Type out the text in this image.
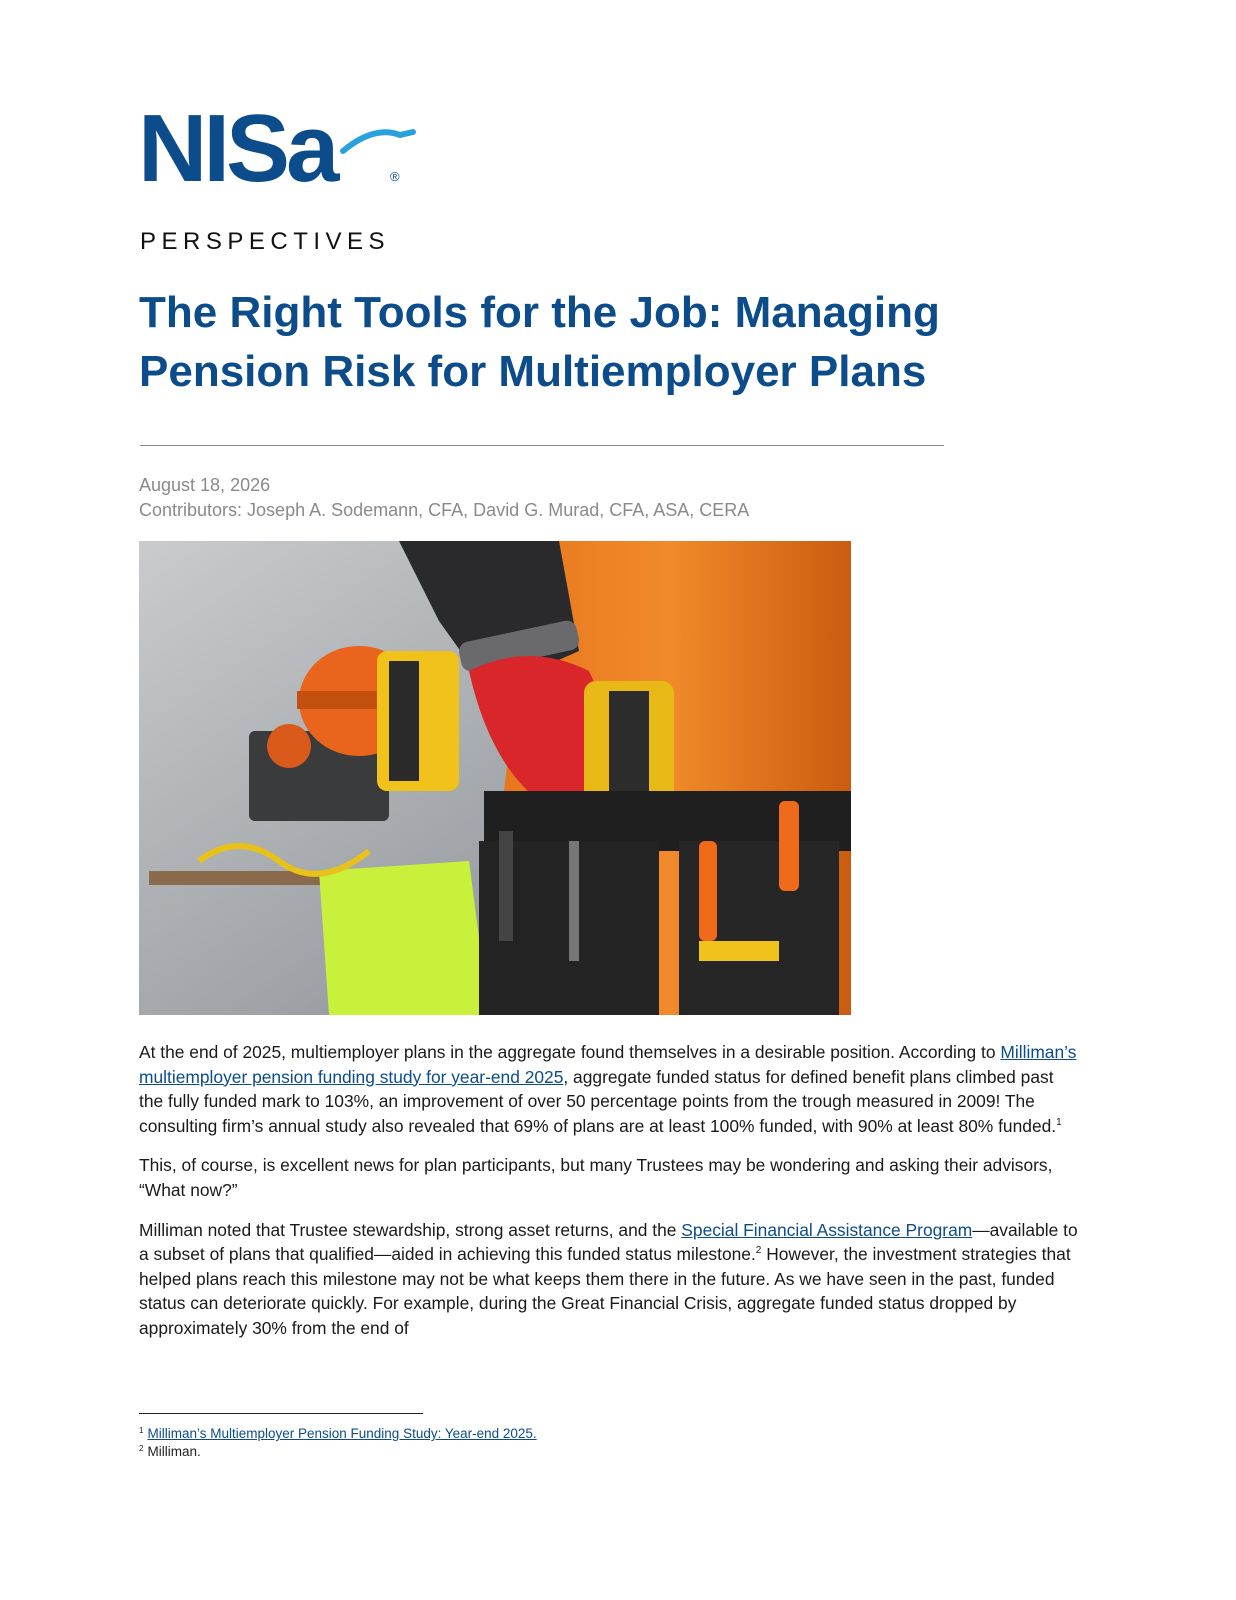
NISa	®
PERSPECTIVES
The Right Tools for the Job: Managing Pension Risk for Multiemployer Plans
August 18, 2026
Contributors: Joseph A. Sodemann, CFA, David G. Murad, CFA, ASA, CERA

At the end of 2025, multiemployer plans in the aggregate found themselves in a desirable position. According to Milliman’s multiemployer pension funding study for year-end 2025, aggregate funded status for defined benefit plans climbed past the fully funded mark to 103%, an improvement of over 50 percentage points from the trough measured in 2009! The consulting firm’s annual study also revealed that 69% of plans are at least 100% funded, with 90% at least 80% funded.$^1$

This, of course, is excellent news for plan participants, but many Trustees may be wondering and asking their advisors, “What now?”

Milliman noted that Trustee stewardship, strong asset returns, and the Special Financial Assistance Program—available to a subset of plans that qualified—aided in achieving this funded status milestone.$^2$ However, the investment strategies that helped plans reach this milestone may not be what keeps them there in the future. As we have seen in the past, funded status can deteriorate quickly. For example, during the Great Financial Crisis, aggregate funded status dropped by approximately 30% from the end of

$^1$ Milliman’s Multiemployer Pension Funding Study: Year-end 2025.
$^2$ Milliman.
